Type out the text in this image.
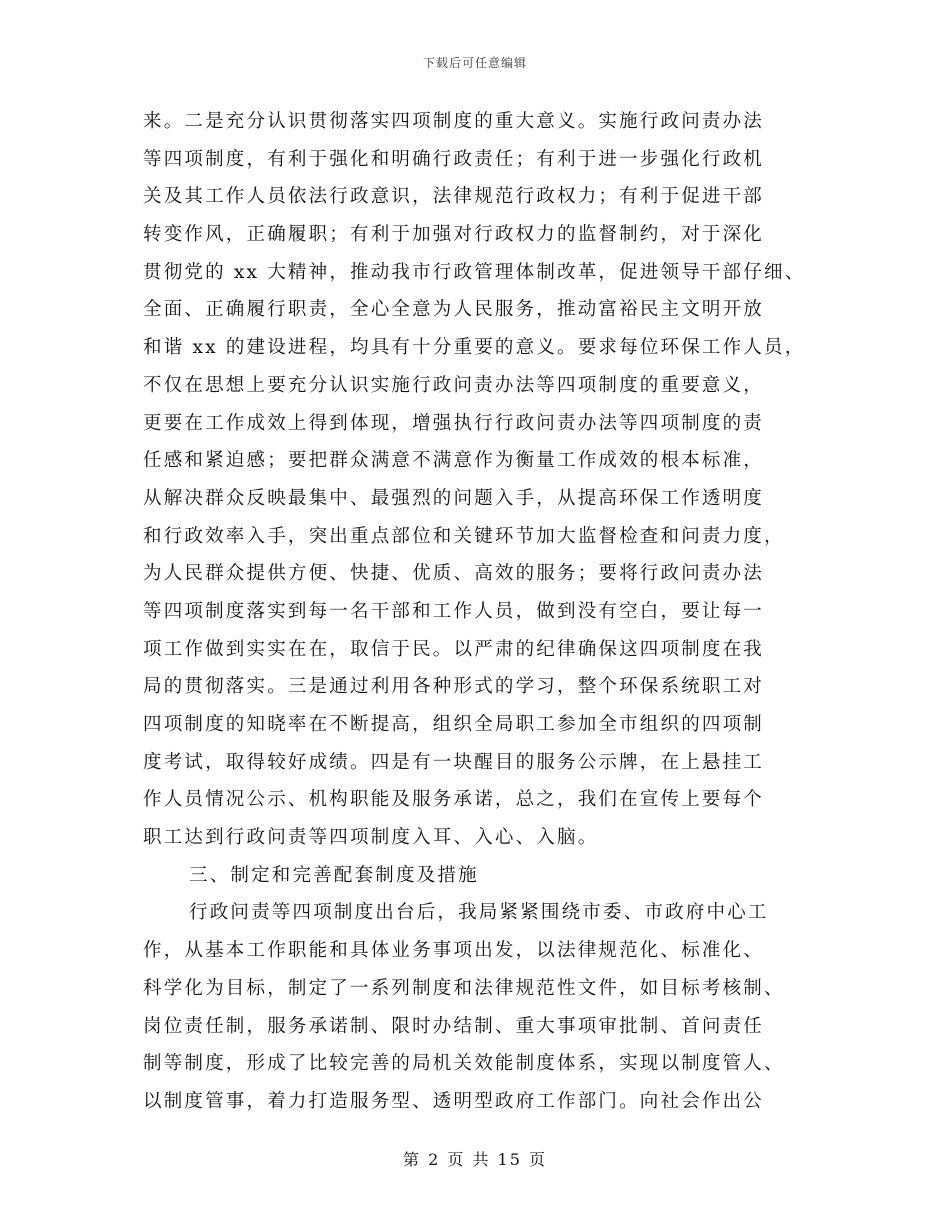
下载后可任意编辑
来。二是充分认识贯彻落实四项制度的重大意义。实施行政问责办法
等四项制度，有利于强化和明确行政责任；有利于进一步强化行政机
关及其工作人员依法行政意识，法律规范行政权力；有利于促进干部
转变作风，正确履职；有利于加强对行政权力的监督制约，对于深化
贯彻党的 xx 大精神，推动我市行政管理体制改革，促进领导干部仔细、
全面、正确履行职责，全心全意为人民服务，推动富裕民主文明开放
和谐 xx 的建设进程，均具有十分重要的意义。要求每位环保工作人员，
不仅在思想上要充分认识实施行政问责办法等四项制度的重要意义，
更要在工作成效上得到体现，增强执行行政问责办法等四项制度的责
任感和紧迫感；要把群众满意不满意作为衡量工作成效的根本标准，
从解决群众反映最集中、最强烈的问题入手，从提高环保工作透明度
和行政效率入手，突出重点部位和关键环节加大监督检查和问责力度，
为人民群众提供方便、快捷、优质、高效的服务；要将行政问责办法
等四项制度落实到每一名干部和工作人员，做到没有空白，要让每一
项工作做到实实在在，取信于民。以严肃的纪律确保这四项制度在我
局的贯彻落实。三是通过利用各种形式的学习，整个环保系统职工对
四项制度的知晓率在不断提高，组织全局职工参加全市组织的四项制
度考试，取得较好成绩。四是有一块醒目的服务公示牌，在上悬挂工
作人员情况公示、机构职能及服务承诺，总之，我们在宣传上要每个
职工达到行政问责等四项制度入耳、入心、入脑。
三、制定和完善配套制度及措施
行政问责等四项制度出台后，我局紧紧围绕市委、市政府中心工
作，从基本工作职能和具体业务事项出发，以法律规范化、标准化、
科学化为目标，制定了一系列制度和法律规范性文件，如目标考核制、
岗位责任制，服务承诺制、限时办结制、重大事项审批制、首问责任
制等制度，形成了比较完善的局机关效能制度体系，实现以制度管人、
以制度管事，着力打造服务型、透明型政府工作部门。向社会作出公
第 2 页 共 15 页
